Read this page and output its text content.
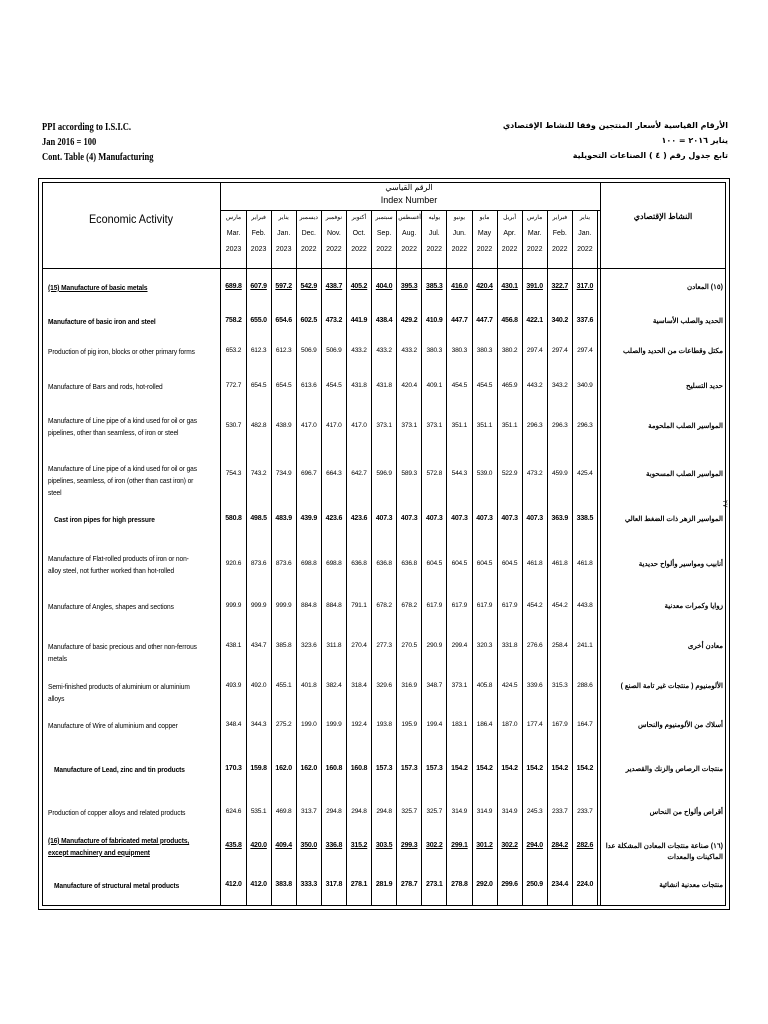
PPI according to I.S.I.C.
Jan 2016 = 100
Cont. Table (4) Manufacturing
الأرقام القياسية لأسعار المنتجين وفقا للنشاط الإقتصادي
يناير ٢٠١٦ = ١٠٠
تابع جدول رقم ( ٤ ) الصناعات التحويلية
٢٧
Economic Activity	النشاط الإقتصادي
الرقم القياسي
Index Number
مارس
Mar.
2023
فبراير
Feb.
2023
يناير
Jan.
2023
ديسمبر
Dec.
2022
نوفمبر
Nov.
2022
أكتوبر
Oct.
2022
سبتمبر
Sep.
2022
أغسطس
Aug.
2022
يوليه
Jul.
2022
يونيو
Jun.
2022
مايو
May
2022
أبريل
Apr.
2022
مارس
Mar.
2022
فبراير
Feb.
2022
يناير
Jan.
2022
(15) Manufacture of basic metals	(١٥) المعادن
689.8	607.9	597.2	542.9	438.7	405.2	404.0	395.3	385.3	416.0	420.4	430.1	391.0	322.7	317.0
Manufacture of basic iron and steel	الحديد والصلب الأساسية
758.2	655.0	654.6	602.5	473.2	441.9	438.4	429.2	410.9	447.7	447.7	456.8	422.1	340.2	337.6
Production of pig iron, blocks or other primary forms	مكتل وقطاعات من الحديد والصلب
653.2	612.3	612.3	506.9	506.9	433.2	433.2	433.2	380.3	380.3	380.3	380.2	297.4	297.4	297.4
Manufacture of Bars and rods, hot-rolled	حديد التسليح
772.7	654.5	654.5	613.6	454.5	431.8	431.8	420.4	409.1	454.5	454.5	465.9	443.2	343.2	340.9
Manufacture of Line pipe of a kind used for oil or gas pipelines, other than seamless, of iron or steel
المواسير الصلب الملحومة
530.7	482.8	438.9	417.0	417.0	417.0	373.1	373.1	373.1	351.1	351.1	351.1	296.3	296.3	296.3
Manufacture of Line pipe of a kind used for oil or gas pipelines, seamless, of iron (other than cast iron) or steel
المواسير الصلب المسحوبة
754.3	743.2	734.9	696.7	664.3	642.7	596.9	589.3	572.8	544.3	539.0	522.9	473.2	459.9	425.4
Cast iron pipes for high pressure	المواسير الزهر ذات الضغط العالي
580.8	498.5	483.9	439.9	423.6	423.6	407.3	407.3	407.3	407.3	407.3	407.3	407.3	363.9	338.5
Manufacture of Flat-rolled products of iron or non-alloy steel, not further worked than hot-rolled
أنابيب ومواسير وألواح حديدية
920.6	873.6	873.6	698.8	698.8	636.8	636.8	636.8	604.5	604.5	604.5	604.5	461.8	461.8	461.8
Manufacture of Angles, shapes and sections	زوايا وكمرات معدنية
999.9	999.9	999.9	884.8	884.8	791.1	678.2	678.2	617.9	617.9	617.9	617.9	454.2	454.2	443.8
Manufacture of basic precious and other non-ferrous metals
معادن أخرى
438.1	434.7	385.8	323.6	311.8	270.4	277.3	270.5	290.9	299.4	320.3	331.8	276.6	258.4	241.1
Semi-finished products of aluminium or aluminium alloys
الألومنيوم ( منتجات غير تامة الصنع )
493.9	492.0	455.1	401.8	382.4	318.4	329.6	316.9	348.7	373.1	405.8	424.5	339.6	315.3	288.6
Manufacture of Wire of aluminium and copper	أسلاك من الألومنيوم والنحاس
348.4	344.3	275.2	199.0	199.9	192.4	193.8	195.9	199.4	183.1	186.4	187.0	177.4	167.9	164.7
Manufacture of Lead, zinc and tin products	منتجات الرصاص والزنك والقصدير
170.3	159.8	162.0	162.0	160.8	160.8	157.3	157.3	157.3	154.2	154.2	154.2	154.2	154.2	154.2
Production of copper alloys and related products	أقراص وألواح من النحاس
624.6	535.1	469.8	313.7	294.8	294.8	294.8	325.7	325.7	314.9	314.9	314.9	245.3	233.7	233.7
(16) Manufacture of fabricated metal products, except machinery and equipment
(١٦) صناعة منتجات المعادن المشكلة عدا الماكينات والمعدات
435.8	420.0	409.4	350.0	336.8	315.2	303.5	299.3	302.2	299.1	301.2	302.2	294.0	284.2	282.6
Manufacture of structural metal products	منتجات معدنية انشائية
412.0	412.0	383.8	333.3	317.8	278.1	281.9	278.7	273.1	278.8	292.0	299.6	250.9	234.4	224.0
